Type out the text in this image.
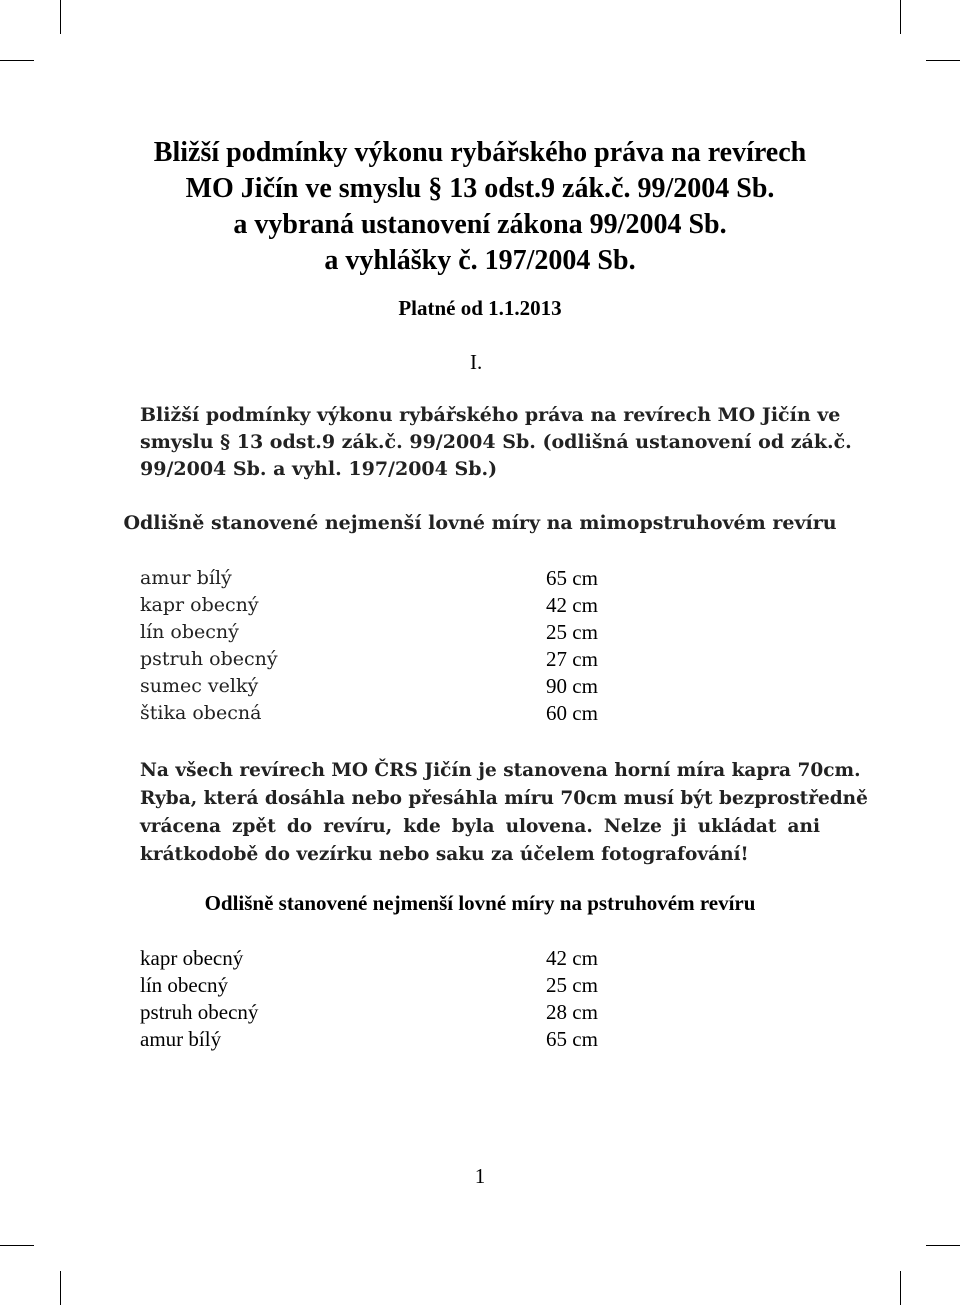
Bližší podmínky výkonu rybářského práva na revírech
MO Jičín ve smyslu § 13 odst.9 zák.č. 99/2004 Sb.
a vybraná ustanovení zákona 99/2004 Sb.
a vyhlášky č. 197/2004 Sb.
Platné od 1.1.2013
I.
Bližší podmínky výkonu rybářského práva na revírech MO Jičín ve
smyslu § 13 odst.9 zák.č. 99/2004 Sb. (odlišná ustanovení od zák.č.
99/2004 Sb. a vyhl. 197/2004 Sb.)
Odlišně stanovené nejmenší lovné míry na mimopstruhovém revíru
amur bílý	65 cm
kapr obecný	42 cm
lín obecný	25 cm
pstruh obecný	27 cm
sumec velký	90 cm
štika obecná	60 cm
Na všech revírech MO ČRS Jičín je stanovena horní míra kapra 70cm.
Ryba, která dosáhla nebo přesáhla míru 70cm musí být bezprostředně
vrácena zpět do revíru, kde byla ulovena. Nelze ji ukládat ani
krátkodobě do vezírku nebo saku za účelem fotografování!
Odlišně stanovené nejmenší lovné míry na pstruhovém revíru
kapr obecný	42 cm
lín obecný	25 cm
pstruh obecný	28 cm
amur bílý	65 cm
1
